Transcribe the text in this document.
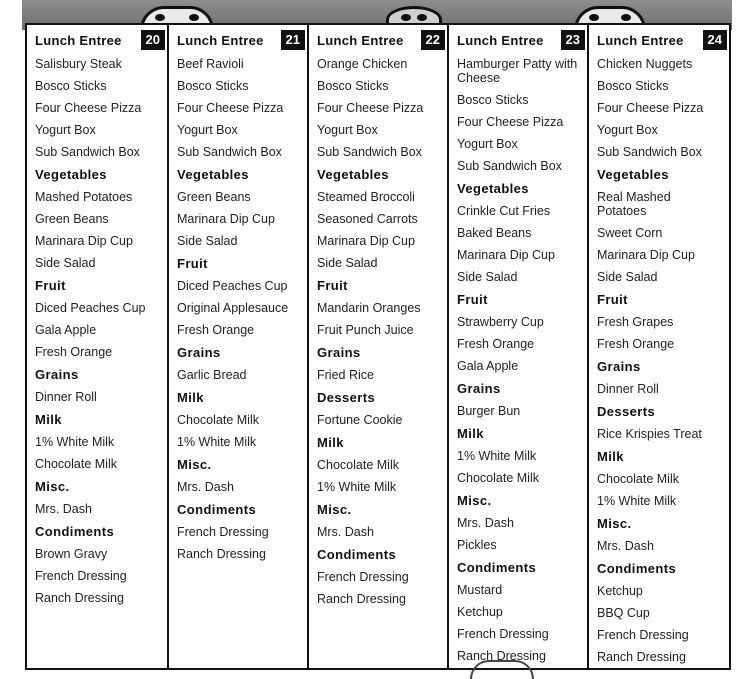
Lunch Entree	20
Salisbury Steak
Bosco Sticks
Four Cheese Pizza
Yogurt Box
Sub Sandwich Box
Vegetables
Mashed Potatoes
Green Beans
Marinara Dip Cup
Side Salad
Fruit
Diced Peaches Cup
Gala Apple
Fresh Orange
Grains
Dinner Roll
Milk
1% White Milk
Chocolate Milk
Misc.
Mrs. Dash
Condiments
Brown Gravy
French Dressing
Ranch Dressing
Lunch Entree	21
Beef Ravioli
Bosco Sticks
Four Cheese Pizza
Yogurt Box
Sub Sandwich Box
Vegetables
Green Beans
Marinara Dip Cup
Side Salad
Fruit
Diced Peaches Cup
Original Applesauce
Fresh Orange
Grains
Garlic Bread
Milk
Chocolate Milk
1% White Milk
Misc.
Mrs. Dash
Condiments
French Dressing
Ranch Dressing
Lunch Entree	22
Orange Chicken
Bosco Sticks
Four Cheese Pizza
Yogurt Box
Sub Sandwich Box
Vegetables
Steamed Broccoli
Seasoned Carrots
Marinara Dip Cup
Side Salad
Fruit
Mandarin Oranges
Fruit Punch Juice
Grains
Fried Rice
Desserts
Fortune Cookie
Milk
Chocolate Milk
1% White Milk
Misc.
Mrs. Dash
Condiments
French Dressing
Ranch Dressing
Lunch Entree	23
Hamburger Patty with Cheese
Bosco Sticks
Four Cheese Pizza
Yogurt Box
Sub Sandwich Box
Vegetables
Crinkle Cut Fries
Baked Beans
Marinara Dip Cup
Side Salad
Fruit
Strawberry Cup
Fresh Orange
Gala Apple
Grains
Burger Bun
Milk
1% White Milk
Chocolate Milk
Misc.
Mrs. Dash
Pickles
Condiments
Mustard
Ketchup
French Dressing
Ranch Dressing
Lunch Entree	24
Chicken Nuggets
Bosco Sticks
Four Cheese Pizza
Yogurt Box
Sub Sandwich Box
Vegetables
Real Mashed Potatoes
Sweet Corn
Marinara Dip Cup
Side Salad
Fruit
Fresh Grapes
Fresh Orange
Grains
Dinner Roll
Desserts
Rice Krispies Treat
Milk
Chocolate Milk
1% White Milk
Misc.
Mrs. Dash
Condiments
Ketchup
BBQ Cup
French Dressing
Ranch Dressing
